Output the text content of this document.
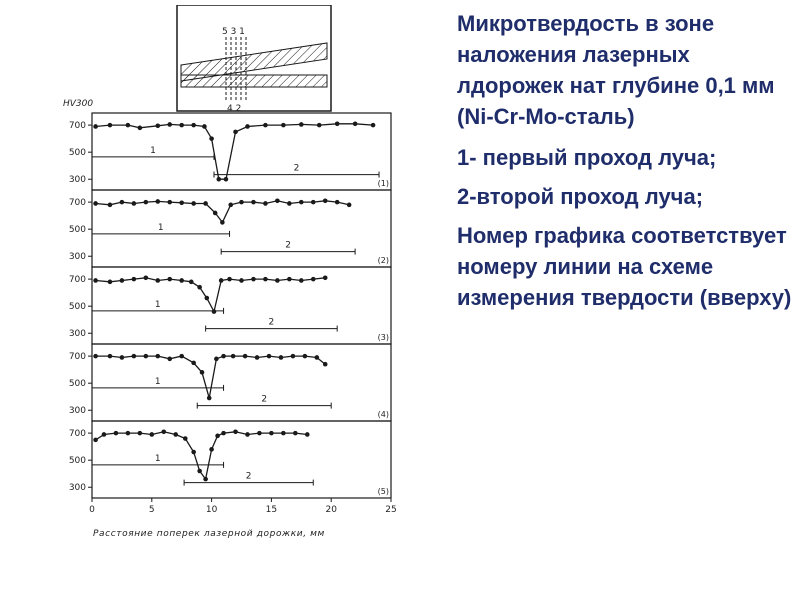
5 3 1
4 2
HV300
700
500
300
1
2
(1)
700
500
300
1
2
(2)
700
500
300
1
2
(3)
700
500
300
1
2
(4)
700
500
300
1
2
(5)
0	5	10	15	20	25
Расстояние поперек лазерной дорожки, мм

Микротвердость в зоне наложения лазерных лдорожек нат глубине 0,1 мм (Ni-Cr-Mo-сталь)

1- первый проход луча;

2-второй проход луча;

Номер графика соответствует номеру линии на схеме измерения твердости (вверху)
